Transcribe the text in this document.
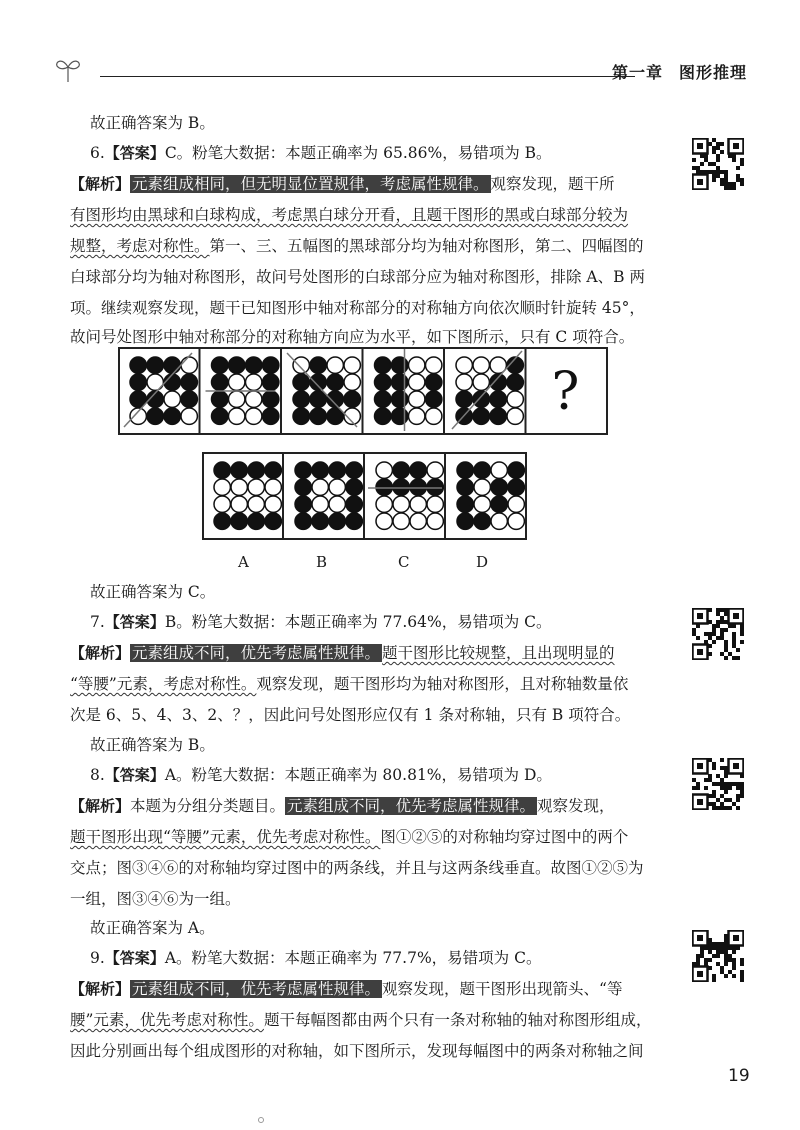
第一章 图形推理
故正确答案为 B。
6.【答案】C。粉笔大数据：本题正确率为 65.86%，易错项为 B。
【解析】 元素组成相同，但无明显位置规律，考虑属性规律。 观察发现，题干所
有图形均由黑球和白球构成，考虑黑白球分开看，且题干图形的黑或白球部分较为
规整，考虑对称性。第一、三、五幅图的黑球部分均为轴对称图形，第二、四幅图的
白球部分均为轴对称图形，故问号处图形的白球部分应为轴对称图形，排除 A、B 两
项。继续观察发现，题干已知图形中轴对称部分的对称轴方向依次顺时针旋转 45°，
故问号处图形中轴对称部分的对称轴方向应为水平，如下图所示，只有 C 项符合。
?
A	B	C	D
故正确答案为 C。
7.【答案】B。粉笔大数据：本题正确率为 77.64%，易错项为 C。
【解析】 元素组成不同，优先考虑属性规律。 题干图形比较规整，且出现明显的
“等腰”元素，考虑对称性。观察发现，题干图形均为轴对称图形，且对称轴数量依
次是 6、5、4、3、2、？，因此问号处图形应仅有 1 条对称轴，只有 B 项符合。
故正确答案为 B。
8.【答案】A。粉笔大数据：本题正确率为 80.81%，易错项为 D。
【解析】本题为分组分类题目。 元素组成不同，优先考虑属性规律。 观察发现，
题干图形出现“等腰”元素，优先考虑对称性。图①②⑤的对称轴均穿过图中的两个
交点；图③④⑥的对称轴均穿过图中的两条线，并且与这两条线垂直。故图①②⑤为
一组，图③④⑥为一组。
故正确答案为 A。
9.【答案】A。粉笔大数据：本题正确率为 77.7%，易错项为 C。
【解析】 元素组成不同，优先考虑属性规律。 观察发现，题干图形出现箭头、“等
腰”元素，优先考虑对称性。题干每幅图都由两个只有一条对称轴的轴对称图形组成，
因此分别画出每个组成图形的对称轴，如下图所示，发现每幅图中的两条对称轴之间
19
